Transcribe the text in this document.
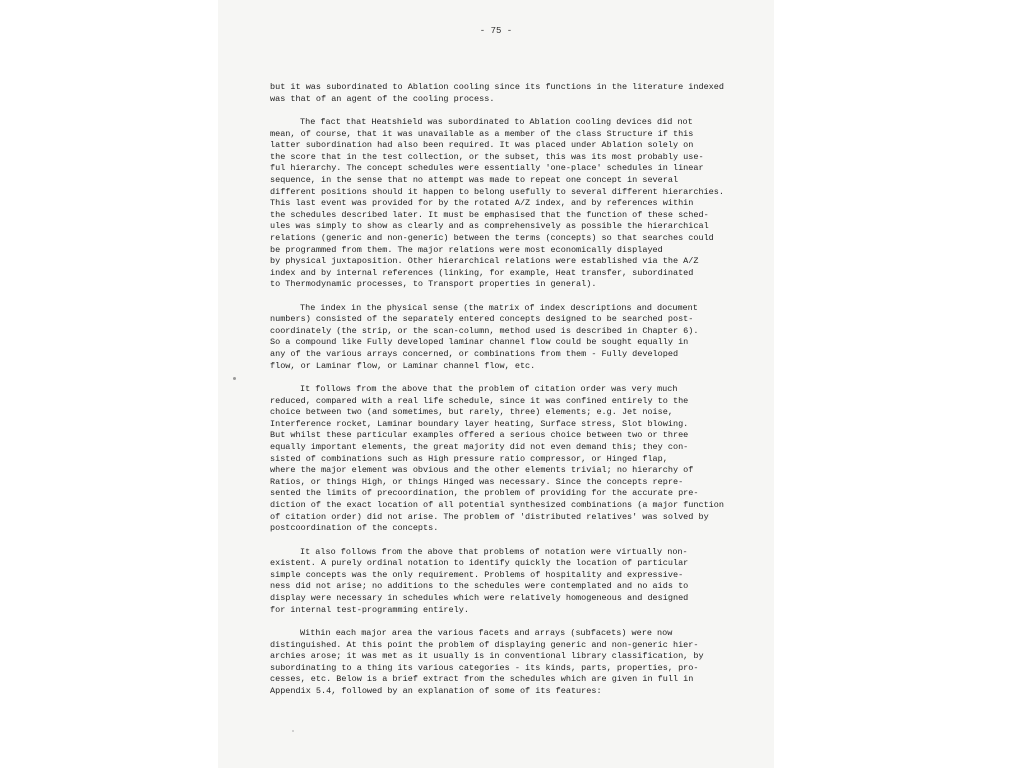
- 75 -
but it was subordinated to Ablation cooling since its functions in the literature indexed
was that of an agent of the cooling process.
The fact that Heatshield was subordinated to Ablation cooling devices did not
mean, of course, that it was unavailable as a member of the class Structure if this
latter subordination had also been required. It was placed under Ablation solely on
the score that in the test collection, or the subset, this was its most probably use-
ful hierarchy. The concept schedules were essentially 'one-place' schedules in linear
sequence, in the sense that no attempt was made to repeat one concept in several
different positions should it happen to belong usefully to several different hierarchies.
This last event was provided for by the rotated A/Z index, and by references within
the schedules described later. It must be emphasised that the function of these sched-
ules was simply to show as clearly and as comprehensively as possible the hierarchical
relations (generic and non-generic) between the terms (concepts) so that searches could
be programmed from them. The major relations were most economically displayed
by physical juxtaposition. Other hierarchical relations were established via the A/Z
index and by internal references (linking, for example, Heat transfer, subordinated
to Thermodynamic processes, to Transport properties in general).
The index in the physical sense (the matrix of index descriptions and document
numbers) consisted of the separately entered concepts designed to be searched post-
coordinately (the strip, or the scan-column, method used is described in Chapter 6).
So a compound like Fully developed laminar channel flow could be sought equally in
any of the various arrays concerned, or combinations from them - Fully developed
flow, or Laminar flow, or Laminar channel flow, etc.
It follows from the above that the problem of citation order was very much
reduced, compared with a real life schedule, since it was confined entirely to the
choice between two (and sometimes, but rarely, three) elements; e.g. Jet noise,
Interference rocket, Laminar boundary layer heating, Surface stress, Slot blowing.
But whilst these particular examples offered a serious choice between two or three
equally important elements, the great majority did not even demand this; they con-
sisted of combinations such as High pressure ratio compressor, or Hinged flap,
where the major element was obvious and the other elements trivial; no hierarchy of
Ratios, or things High, or things Hinged was necessary. Since the concepts repre-
sented the limits of precoordination, the problem of providing for the accurate pre-
diction of the exact location of all potential synthesized combinations (a major function
of citation order) did not arise. The problem of 'distributed relatives' was solved by
postcoordination of the concepts.
It also follows from the above that problems of notation were virtually non-
existent. A purely ordinal notation to identify quickly the location of particular
simple concepts was the only requirement. Problems of hospitality and expressive-
ness did not arise; no additions to the schedules were contemplated and no aids to
display were necessary in schedules which were relatively homogeneous and designed
for internal test-programming entirely.
Within each major area the various facets and arrays (subfacets) were now
distinguished. At this point the problem of displaying generic and non-generic hier-
archies arose; it was met as it usually is in conventional library classification, by
subordinating to a thing its various categories - its kinds, parts, properties, pro-
cesses, etc. Below is a brief extract from the schedules which are given in full in
Appendix 5.4, followed by an explanation of some of its features:
